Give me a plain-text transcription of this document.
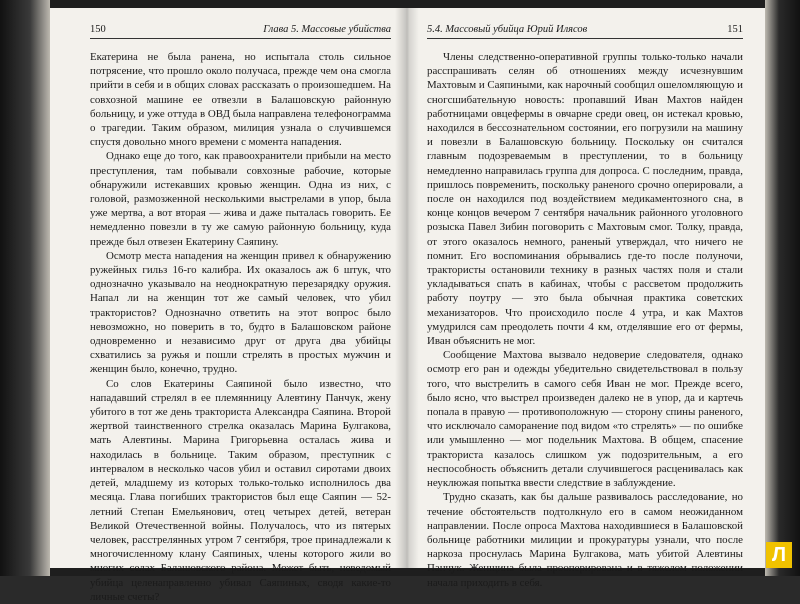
150	Глава 5. Массовые убийства

Екатерина не была ранена, но испытала столь сильное потрясение, что прошло около получаса, прежде чем она смогла прийти в себя и в общих словах рассказать о произошедшем. На совхозной машине ее отвезли в Балашовскую районную больницу, и уже оттуда в ОВД была направлена телефонограмма о трагедии. Таким образом, милиция узнала о случившемся спустя довольно много времени с момента нападения.

Однако еще до того, как правоохранители прибыли на место преступления, там побывали совхозные рабочие, которые обнаружили истекавших кровью женщин. Одна из них, с головой, размозженной несколькими выстрелами в упор, была уже мертва, а вот вторая — жива и даже пыталась говорить. Ее немедленно повезли в ту же самую районную больницу, куда прежде был отвезен Екатерину Саяпину.

Осмотр места нападения на женщин привел к обнаружению ружейных гильз 16-го калибра. Их оказалось аж 6 штук, что однозначно указывало на неоднократную перезарядку оружия. Напал ли на женщин тот же самый человек, что убил трактористов? Однозначно ответить на этот вопрос было невозможно, но поверить в то, будто в Балашовском районе одновременно и независимо друг от друга два убийцы схватились за ружья и пошли стрелять в простых мужчин и женщин было, конечно, трудно.

Со слов Екатерины Саяпиной было известно, что нападавший стрелял в ее племянницу Алевтину Панчук, жену убитого в тот же день тракториста Александра Саяпина. Второй жертвой таинственного стрелка оказалась Марина Булгакова, мать Алевтины. Марина Григорьевна осталась жива и находилась в больнице. Таким образом, преступник с интервалом в несколько часов убил и оставил сиротами двоих детей, младшему из которых только-только исполнилось два месяца. Глава погибших трактористов был еще Саяпин — 52-летний Степан Емельянович, отец четырех детей, ветеран Великой Отечественной войны. Получалось, что из пятерых человек, расстрелянных утром 7 сентября, трое принадлежали к многочисленному клану Саяпиных, члены которого жили во многих селах Балашовского района. Может быть, неведомый убийца целенаправленно убивал Саяпиных, сводя какие-то личные счеты?

5.4. Массовый убийца Юрий Илясов	151

Члены следственно-оперативной группы только-только начали расспрашивать селян об отношениях между исчезнувшим Махтовым и Саяпиными, как нарочный сообщил ошеломляющую и сногсшибательную новость: пропавший Иван Махтов найден работницами овцефермы в овчарне среди овец, он истекал кровью, находился в бессознательном состоянии, его погрузили на машину и повезли в Балашовскую больницу. Поскольку он считался главным подозреваемым в преступлении, то в больницу немедленно направилась группа для допроса. С последним, правда, пришлось повременить, поскольку раненого срочно оперировали, а после он находился под воздействием медикаментозного сна, в конце концов вечером 7 сентября начальник районного уголовного розыска Павел Зибин поговорить с Махтовым смог. Толку, правда, от этого оказалось немного, раненый утверждал, что ничего не помнит. Его воспоминания обрывались где-то после полуночи, трактористы остановили технику в разных частях поля и стали укладываться спать в кабинах, чтобы с рассветом продолжить работу поутру — это была обычная практика советских механизаторов. Что происходило после 4 утра, и как Махтов умудрился сам преодолеть почти 4 км, отделявшие его от фермы, Иван объяснить не мог.

Сообщение Махтова вызвало недоверие следователя, однако осмотр его ран и одежды убедительно свидетельствовал в пользу того, что выстрелить в самого себя Иван не мог. Прежде всего, было ясно, что выстрел произведен далеко не в упор, да и картечь попала в правую — противоположную — сторону спины раненого, что исключало саморанение под видом «то стрелять» — по ошибке или умышленно — мог подельник Махтова. В общем, спасение тракториста казалось слишком уж подозрительным, а его неспособность объяснить детали случившегося расценивалась как неуклюжая попытка ввести следствие в заблуждение.

Трудно сказать, как бы дальше развивалось расследование, но течение обстоятельств подтолкнуло его в самом неожиданном направлении. После опроса Махтова находившиеся в Балашовской больнице работники милиции и прокуратуры узнали, что после наркоза проснулась Марина Булгакова, мать убитой Алевтины Панчук. Женщина была прооперирована и в тяжелом положении начала приходить в себя.

Л
